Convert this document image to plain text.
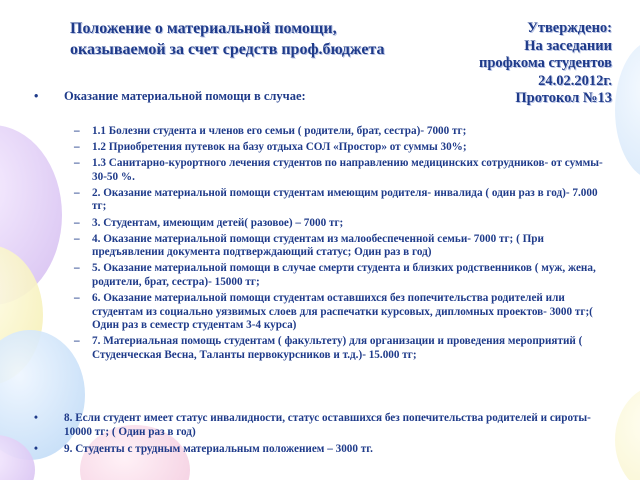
Положение о материальной помощи,
оказываемой за счет средств проф.бюджета
Утверждено:
На заседании
профкома студентов
24.02.2012г.
Протокол №13
• Оказание материальной помощи в случае:
– 1.1 Болезни студента и членов его семьи ( родители, брат, сестра)- 7000 тг;
– 1.2 Приобретения путевок на базу отдыха СОЛ «Простор» от суммы 30%;
– 1.3 Санитарно-курортного лечения студентов по направлению медицинских сотрудников- от суммы- 30-50 %.
– 2. Оказание материальной помощи студентам имеющим родителя- инвалида ( один раз в год)- 7.000 тг;
– 3. Студентам, имеющим детей( разовое) – 7000 тг;
– 4. Оказание материальной помощи студентам из малообеспеченной семьи- 7000 тг; ( При предъявлении документа подтверждающий статус; Один раз в год)
– 5. Оказание материальной помощи в случае смерти студента и близких родственников ( муж, жена, родители, брат, сестра)- 15000 тг;
– 6. Оказание материальной помощи студентам оставшихся без попечительства родителей или студентам из социально уязвимых слоев для распечатки курсовых, дипломных проектов- 3000 тг;( Один раз в семестр студентам 3-4 курса)
– 7. Материальная помощь студентам ( факультету) для организации и проведения мероприятий ( Студенческая Весна, Таланты первокурсников и т.д.)- 15.000 тг;
• 8. Если студент имеет статус инвалидности, статус оставшихся без попечительства родителей и сироты- 10000 тг; ( Один раз в год)
• 9. Студенты с трудным материальным положением – 3000 тг.
